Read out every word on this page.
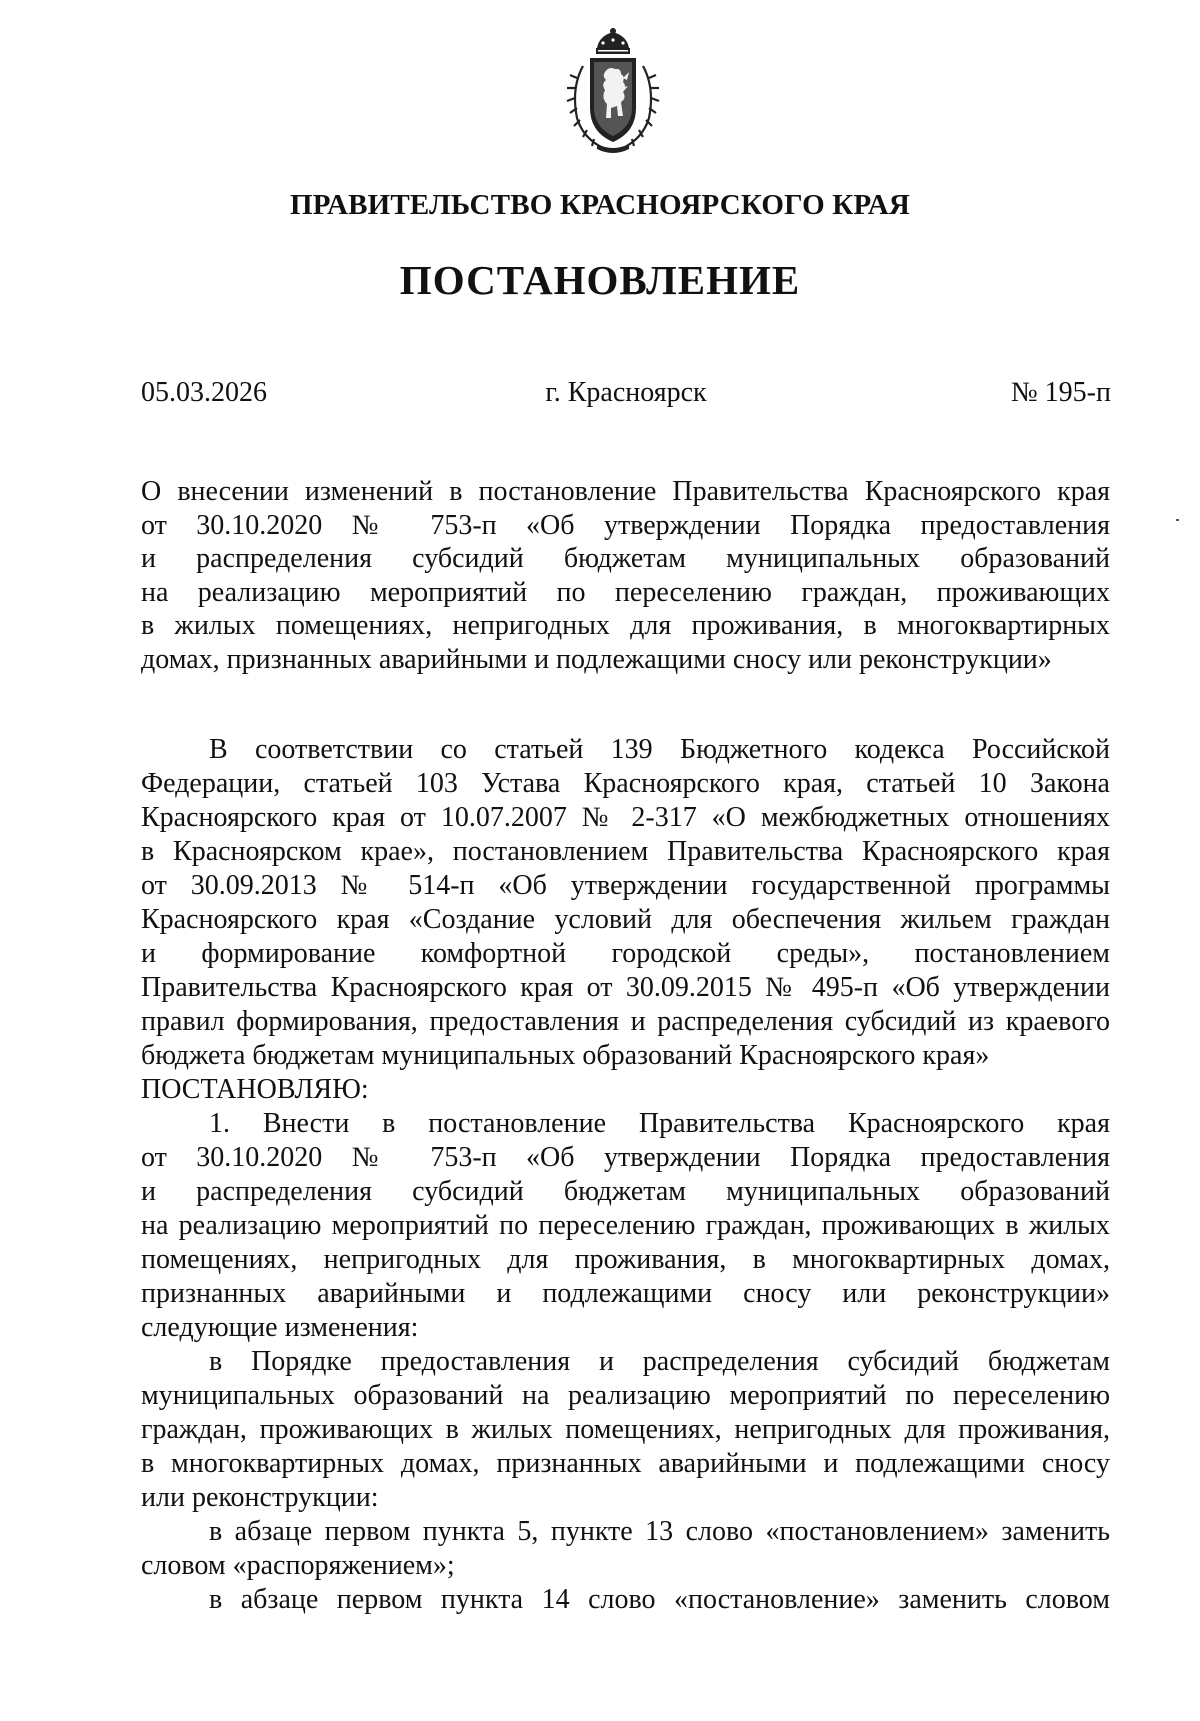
ПРАВИТЕЛЬСТВО КРАСНОЯРСКОГО КРАЯ
ПОСТАНОВЛЕНИЕ
05.03.2026	г. Красноярск	№ 195-п
О внесении изменений в постановление Правительства Красноярского края
от 30.10.2020 № 753-п «Об утверждении Порядка предоставления
и распределения субсидий бюджетам муниципальных образований
на реализацию мероприятий по переселению граждан, проживающих
в жилых помещениях, непригодных для проживания, в многоквартирных
домах, признанных аварийными и подлежащими сносу или реконструкции»
В соответствии со статьей 139 Бюджетного кодекса Российской
Федерации, статьей 103 Устава Красноярского края, статьей 10 Закона
Красноярского края от 10.07.2007 № 2-317 «О межбюджетных отношениях
в Красноярском крае», постановлением Правительства Красноярского края
от 30.09.2013 № 514-п «Об утверждении государственной программы
Красноярского края «Создание условий для обеспечения жильем граждан
и формирование комфортной городской среды», постановлением
Правительства Красноярского края от 30.09.2015 № 495-п «Об утверждении
правил формирования, предоставления и распределения субсидий из краевого
бюджета бюджетам муниципальных образований Красноярского края»
ПОСТАНОВЛЯЮ:
1. Внести в постановление Правительства Красноярского края
от 30.10.2020 № 753-п «Об утверждении Порядка предоставления
и распределения субсидий бюджетам муниципальных образований
на реализацию мероприятий по переселению граждан, проживающих в жилых
помещениях, непригодных для проживания, в многоквартирных домах,
признанных аварийными и подлежащими сносу или реконструкции»
следующие изменения:
в Порядке предоставления и распределения субсидий бюджетам
муниципальных образований на реализацию мероприятий по переселению
граждан, проживающих в жилых помещениях, непригодных для проживания,
в многоквартирных домах, признанных аварийными и подлежащими сносу
или реконструкции:
в абзаце первом пункта 5, пункте 13 слово «постановлением» заменить
словом «распоряжением»;
в абзаце первом пункта 14 слово «постановление» заменить словом
